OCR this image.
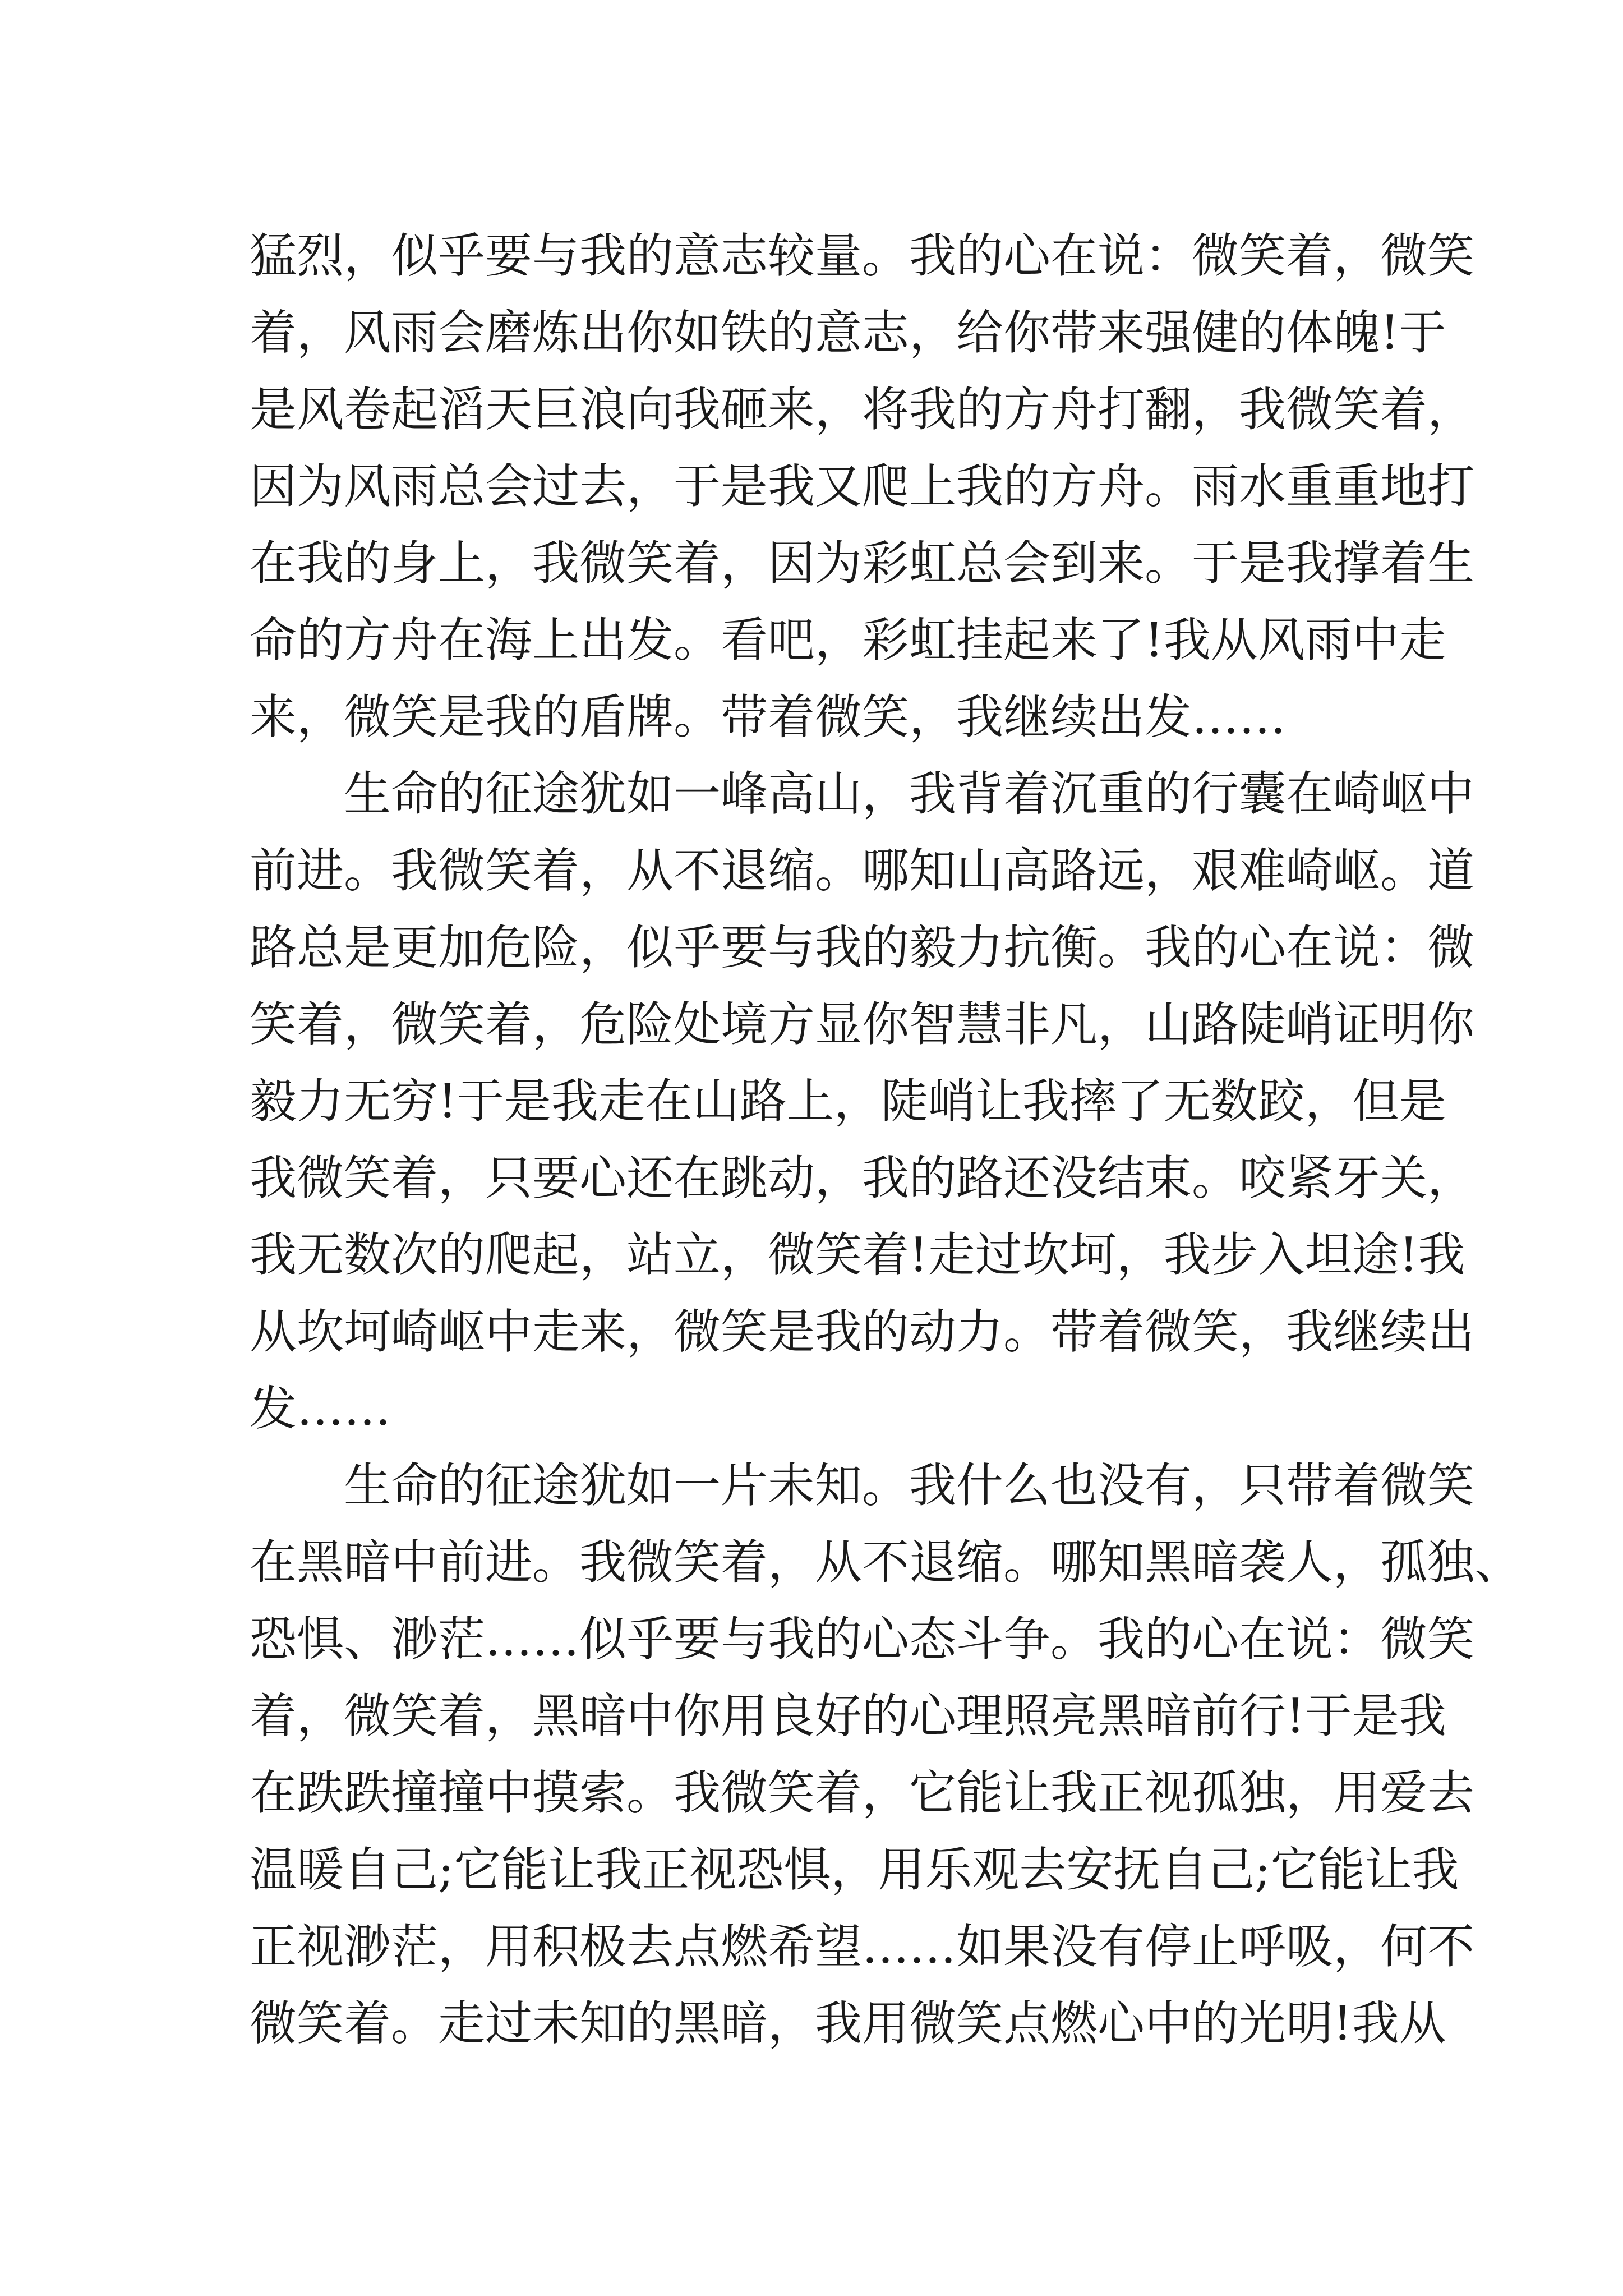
猛烈，似乎要与我的意志较量。我的心在说：微笑着，微笑
着，风雨会磨炼出你如铁的意志，给你带来强健的体魄!于
是风卷起滔天巨浪向我砸来，将我的方舟打翻，我微笑着，
因为风雨总会过去，于是我又爬上我的方舟。雨水重重地打
在我的身上，我微笑着，因为彩虹总会到来。于是我撑着生
命的方舟在海上出发。看吧，彩虹挂起来了!我从风雨中走
来，微笑是我的盾牌。带着微笑，我继续出发……
　　生命的征途犹如一峰高山，我背着沉重的行囊在崎岖中
前进。我微笑着，从不退缩。哪知山高路远，艰难崎岖。道
路总是更加危险，似乎要与我的毅力抗衡。我的心在说：微
笑着，微笑着，危险处境方显你智慧非凡，山路陡峭证明你
毅力无穷!于是我走在山路上，陡峭让我摔了无数跤，但是
我微笑着，只要心还在跳动，我的路还没结束。咬紧牙关，
我无数次的爬起，站立，微笑着!走过坎坷，我步入坦途!我
从坎坷崎岖中走来，微笑是我的动力。带着微笑，我继续出
发……
　　生命的征途犹如一片未知。我什么也没有，只带着微笑
在黑暗中前进。我微笑着，从不退缩。哪知黑暗袭人，孤独、
恐惧、渺茫……似乎要与我的心态斗争。我的心在说：微笑
着，微笑着，黑暗中你用良好的心理照亮黑暗前行!于是我
在跌跌撞撞中摸索。我微笑着，它能让我正视孤独，用爱去
温暖自己;它能让我正视恐惧，用乐观去安抚自己;它能让我
正视渺茫，用积极去点燃希望……如果没有停止呼吸，何不
微笑着。走过未知的黑暗，我用微笑点燃心中的光明!我从
